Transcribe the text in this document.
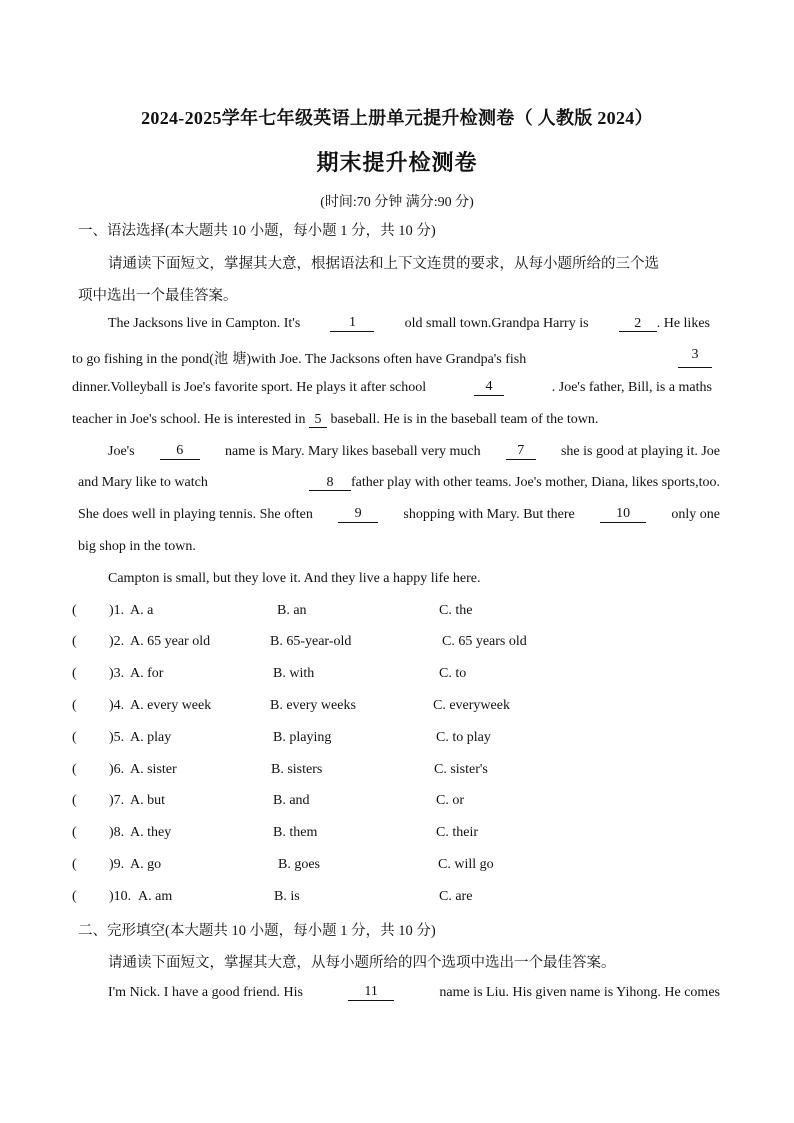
2024-2025学年七年级英语上册单元提升检测卷（ 人教版 2024）
期末提升检测卷
(时间:70 分钟 满分:90 分)
一、语法选择(本大题共 10 小题，每小题 1 分，共 10 分)
请通读下面短文，掌握其大意，根据语法和上下文连贯的要求，从每小题所给的三个选
项中选出一个最佳答案。
The Jacksons live in Campton. It's	1	old small town.Grandpa Harry is	2 . He likes
to go fishing in the pond(池 塘)with Joe. The Jacksons often have Grandpa's fish	3
dinner.Volleyball is Joe's favorite sport. He plays it after school	4	. Joe's father, Bill, is a maths
teacher in Joe's school. He is interested in 5 baseball. He is in the baseball team of the town.
Joe's	6	name is Mary. Mary likes baseball very much	7	she is good at playing it. Joe
and Mary like to watch	8 father play with other teams. Joe's mother, Diana, likes sports,too.
She does well in playing tennis. She often	9	shopping with Mary. But there	10	only one
big shop in the town.
Campton is small, but they love it. And they live a happy life here.
( )1. A. a	B. an	C. the
( )2. A. 65 year old	B. 65-year-old	C. 65 years old
( )3. A. for	B. with	C. to
( )4. A. every week	B. every weeks	C. everyweek
( )5. A. play	B. playing	C. to play
( )6. A. sister	B. sisters	C. sister's
( )7. A. but	B. and	C. or
( )8. A. they	B. them	C. their
( )9. A. go	B. goes	C. will go
( )10. A. am	B. is	C. are
二、完形填空(本大题共 10 小题，每小题 1 分，共 10 分)
请通读下面短文，掌握其大意，从每小题所给的四个选项中选出一个最佳答案。
I'm Nick. I have a good friend. His	11	name is Liu. His given name is Yihong. He comes
